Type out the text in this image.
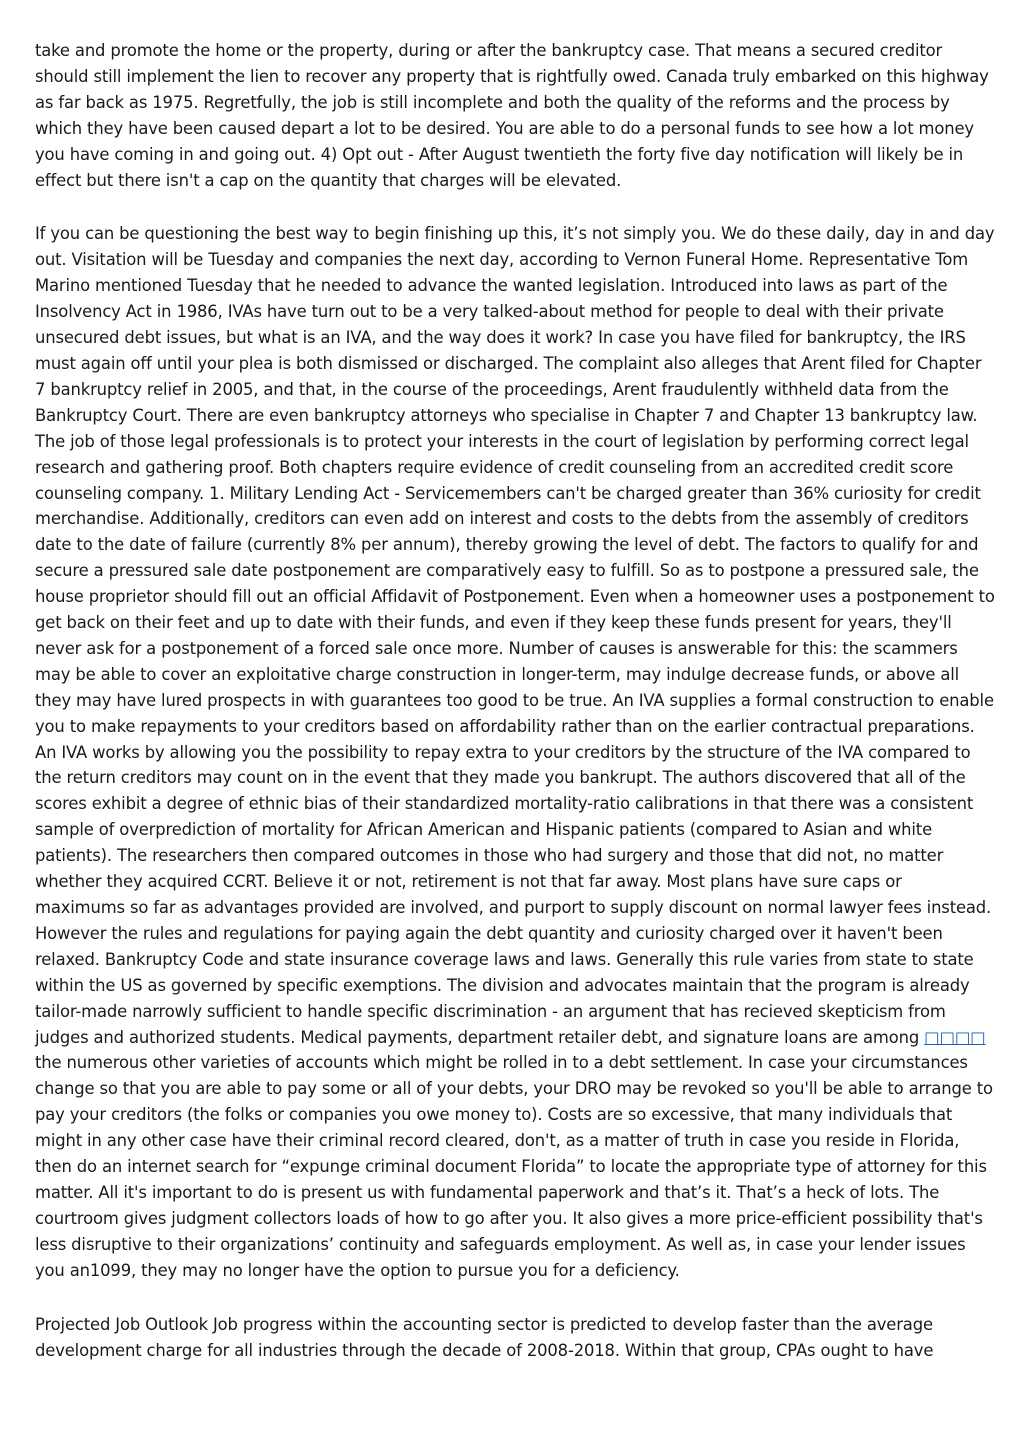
take and promote the home or the property, during or after the bankruptcy case. That means a secured creditor should still implement the lien to recover any property that is rightfully owed. Canada truly embarked on this highway as far back as 1975. Regretfully, the job is still incomplete and both the quality of the reforms and the process by which they have been caused depart a lot to be desired. You are able to do a personal funds to see how a lot money you have coming in and going out. 4) Opt out - After August twentieth the forty five day notification will likely be in effect but there isn't a cap on the quantity that charges will be elevated.

If you can be questioning the best way to begin finishing up this, it’s not simply you. We do these daily, day in and day out. Visitation will be Tuesday and companies the next day, according to Vernon Funeral Home. Representative Tom Marino mentioned Tuesday that he needed to advance the wanted legislation. Introduced into laws as part of the Insolvency Act in 1986, IVAs have turn out to be a very talked-about method for people to deal with their private unsecured debt issues, but what is an IVA, and the way does it work? In case you have filed for bankruptcy, the IRS must again off until your plea is both dismissed or discharged. The complaint also alleges that Arent filed for Chapter 7 bankruptcy relief in 2005, and that, in the course of the proceedings, Arent fraudulently withheld data from the Bankruptcy Court. There are even bankruptcy attorneys who specialise in Chapter 7 and Chapter 13 bankruptcy law. The job of those legal professionals is to protect your interests in the court of legislation by performing correct legal research and gathering proof. Both chapters require evidence of credit counseling from an accredited credit score counseling company. 1. Military Lending Act - Servicemembers can't be charged greater than 36% curiosity for credit merchandise. Additionally, creditors can even add on interest and costs to the debts from the assembly of creditors date to the date of failure (currently 8% per annum), thereby growing the level of debt. The factors to qualify for and secure a pressured sale date postponement are comparatively easy to fulfill. So as to postpone a pressured sale, the house proprietor should fill out an official Affidavit of Postponement. Even when a homeowner uses a postponement to get back on their feet and up to date with their funds, and even if they keep these funds present for years, they'll never ask for a postponement of a forced sale once more. Number of causes is answerable for this: the scammers may be able to cover an exploitative charge construction in longer-term, may indulge decrease funds, or above all they may have lured prospects in with guarantees too good to be true. An IVA supplies a formal construction to enable you to make repayments to your creditors based on affordability rather than on the earlier contractual preparations. An IVA works by allowing you the possibility to repay extra to your creditors by the structure of the IVA compared to the return creditors may count on in the event that they made you bankrupt. The authors discovered that all of the scores exhibit a degree of ethnic bias of their standardized mortality-ratio calibrations in that there was a consistent sample of overprediction of mortality for African American and Hispanic patients (compared to Asian and white patients). The researchers then compared outcomes in those who had surgery and those that did not, no matter whether they acquired CCRT. Believe it or not, retirement is not that far away. Most plans have sure caps or maximums so far as advantages provided are involved, and purport to supply discount on normal lawyer fees instead. However the rules and regulations for paying again the debt quantity and curiosity charged over it haven't been relaxed. Bankruptcy Code and state insurance coverage laws and laws. Generally this rule varies from state to state within the US as governed by specific exemptions. The division and advocates maintain that the program is already tailor-made narrowly sufficient to handle specific discrimination - an argument that has recieved skepticism from judges and authorized students. Medical payments, department retailer debt, and signature loans are among □□□□ the numerous other varieties of accounts which might be rolled in to a debt settlement. In case your circumstances change so that you are able to pay some or all of your debts, your DRO may be revoked so you'll be able to arrange to pay your creditors (the folks or companies you owe money to). Costs are so excessive, that many individuals that might in any other case have their criminal record cleared, don't, as a matter of truth in case you reside in Florida, then do an internet search for “expunge criminal document Florida” to locate the appropriate type of attorney for this matter. All it's important to do is present us with fundamental paperwork and that’s it. That’s a heck of lots. The courtroom gives judgment collectors loads of how to go after you. It also gives a more price-efficient possibility that's less disruptive to their organizations’ continuity and safeguards employment. As well as, in case your lender issues you an1099, they may no longer have the option to pursue you for a deficiency.

Projected Job Outlook Job progress within the accounting sector is predicted to develop faster than the average development charge for all industries through the decade of 2008-2018. Within that group, CPAs ought to have
